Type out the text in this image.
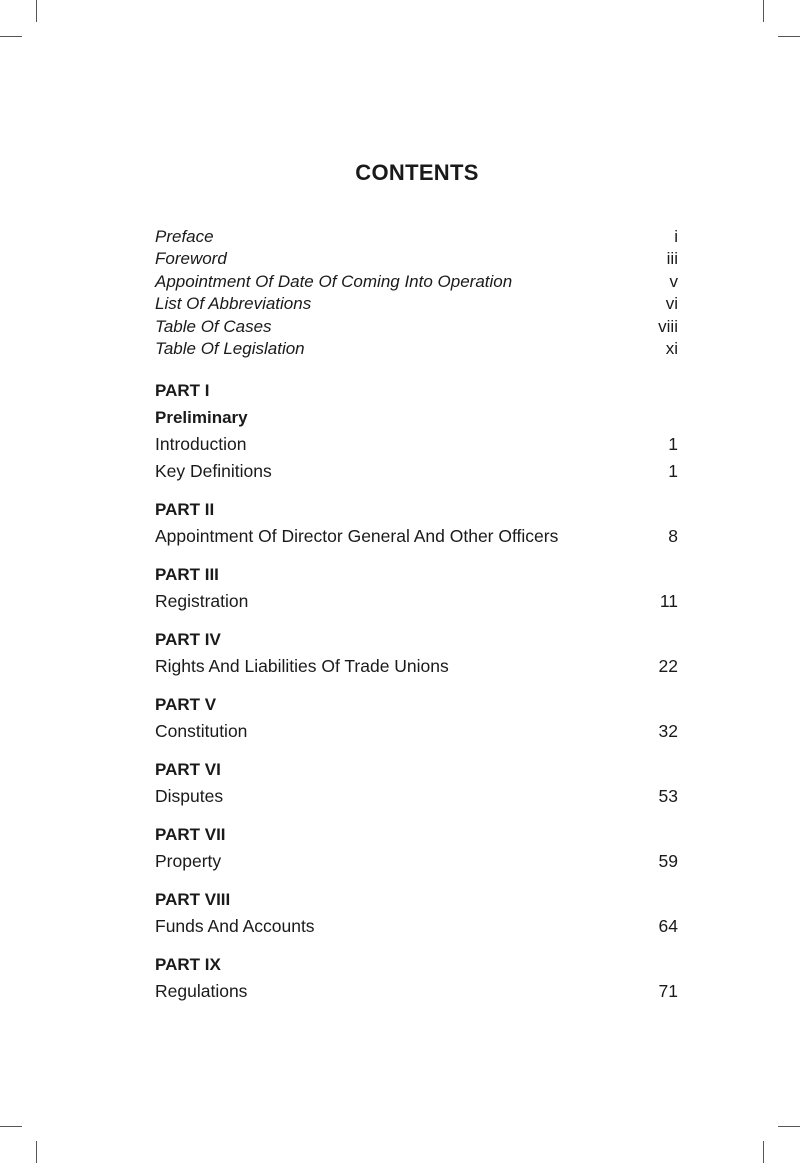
CONTENTS
Preface	i
Foreword	iii
Appointment Of Date Of Coming Into Operation	v
List Of Abbreviations	vi
Table Of Cases	viii
Table Of Legislation	xi
PART I
Preliminary
Introduction	1
Key Definitions	1
PART II
Appointment Of Director General And Other Officers	8
PART III
Registration	11
PART IV
Rights And Liabilities Of Trade Unions	22
PART V
Constitution	32
PART VI
Disputes	53
PART VII
Property	59
PART VIII
Funds And Accounts	64
PART IX
Regulations	71
